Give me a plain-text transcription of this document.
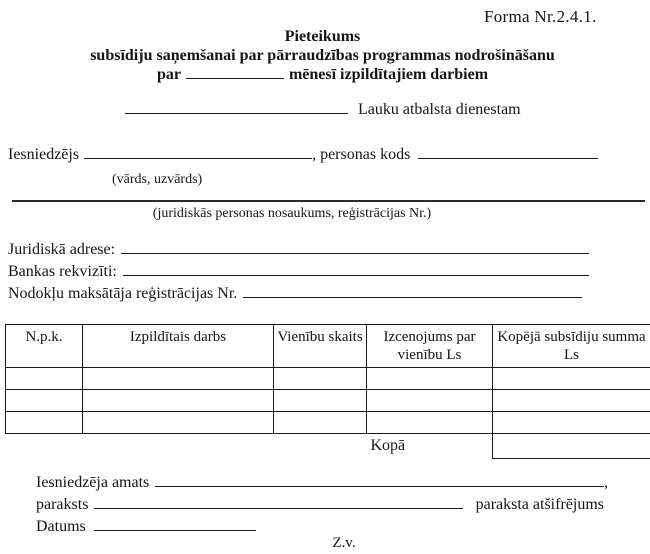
Forma Nr.2.4.1.
Pieteikums
subsīdiju saņemšanai par pārraudzības programmas nodrošināšanu
par	mēnesī izpildītajiem darbiem
Lauku atbalsta dienestam
Iesniedzējs	, personas kods
(vārds, uzvārds)
(juridiskās personas nosaukums, reģistrācijas Nr.)
Juridiskā adrese:
Bankas rekvizīti:
Nodokļu maksātāja reģistrācijas Nr.
N.p.k.	Izpildītais darbs	Vienību skaits	Izcenojums par vienību Ls	Kopējā subsīdiju summa Ls

			Kopā	
Iesniedzēja amats	,
paraksts	paraksta atšifrējums
Datums
Z.v.
